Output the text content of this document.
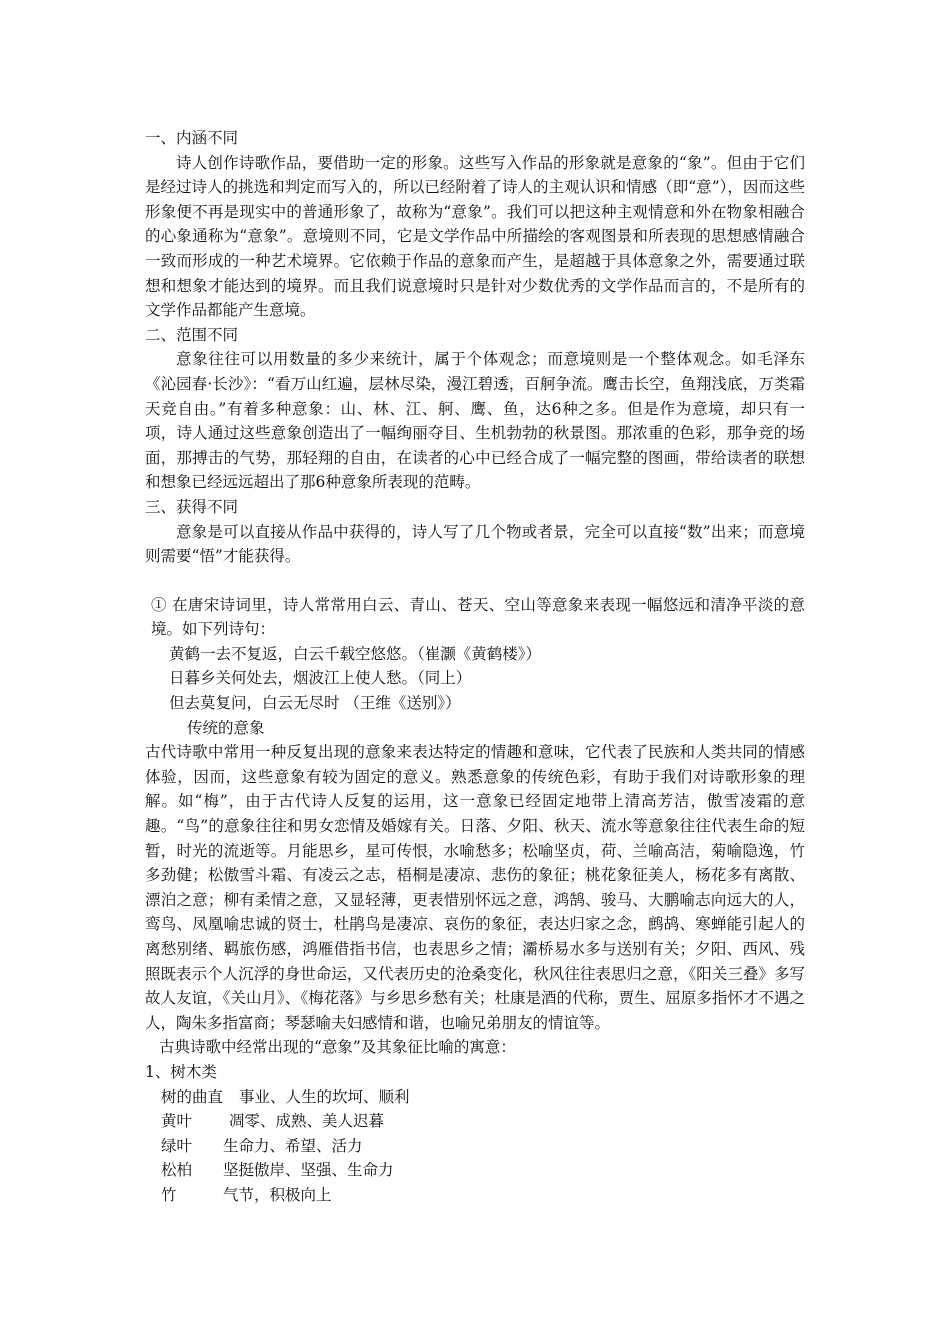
一、内涵不同

诗人创作诗歌作品，要借助一定的形象。这些写入作品的形象就是意象的“象”。但由于它们是经过诗人的挑选和判定而写入的，所以已经附着了诗人的主观认识和情感（即“意”），因而这些形象便不再是现实中的普通形象了，故称为“意象”。我们可以把这种主观情意和外在物象相融合的心象通称为“意象”。意境则不同，它是文学作品中所描绘的客观图景和所表现的思想感情融合一致而形成的一种艺术境界。它依赖于作品的意象而产生，是超越于具体意象之外，需要通过联想和想象才能达到的境界。而且我们说意境时只是针对少数优秀的文学作品而言的，不是所有的文学作品都能产生意境。

二、范围不同

意象往往可以用数量的多少来统计，属于个体观念；而意境则是一个整体观念。如毛泽东《沁园春·长沙》：“看万山红遍，层林尽染，漫江碧透，百舸争流。鹰击长空，鱼翔浅底，万类霜天竞自由。”有着多种意象：山、林、江、舸、鹰、鱼，达6种之多。但是作为意境，却只有一项，诗人通过这些意象创造出了一幅绚丽夺目、生机勃勃的秋景图。那浓重的色彩，那争竞的场面，那搏击的气势，那轻翔的自由，在读者的心中已经合成了一幅完整的图画，带给读者的联想和想象已经远远超出了那6种意象所表现的范畴。

三、获得不同

意象是可以直接从作品中获得的，诗人写了几个物或者景，完全可以直接“数”出来；而意境则需要“悟”才能获得。

① 在唐宋诗词里，诗人常常用白云、青山、苍天、空山等意象来表现一幅悠远和清净平淡的意境。如下列诗句：

黄鹤一去不复返，白云千载空悠悠。（崔灏《黄鹤楼》）

日暮乡关何处去，烟波江上使人愁。（同上）

但去莫复问，白云无尽时 （王维《送别》）

传统的意象

古代诗歌中常用一种反复出现的意象来表达特定的情趣和意味，它代表了民族和人类共同的情感体验，因而，这些意象有较为固定的意义。熟悉意象的传统色彩，有助于我们对诗歌形象的理解。如“梅”，由于古代诗人反复的运用，这一意象已经固定地带上清高芳洁，傲雪凌霜的意趣。“鸟”的意象往往和男女恋情及婚嫁有关。日落、夕阳、秋天、流水等意象往往代表生命的短暂，时光的流逝等。月能思乡，星可传恨，水喻愁多；松喻坚贞，荷、兰喻高洁，菊喻隐逸，竹多劲健；松傲雪斗霜、有凌云之志，梧桐是凄凉、悲伤的象征；桃花象征美人，杨花多有离散、漂泊之意；柳有柔情之意，又显轻薄，更表惜别怀远之意，鸿鹄、骏马、大鹏喻志向远大的人，鸾鸟、凤凰喻忠诚的贤士，杜鹃鸟是凄凉、哀伤的象征，表达归家之念，鹧鸪、寒蝉能引起人的离愁别绪、羁旅伤感，鸿雁借指书信，也表思乡之情；灞桥易水多与送别有关；夕阳、西风、残照既表示个人沉浮的身世命运，又代表历史的沧桑变化，秋风往往表思归之意，《阳关三叠》多写故人友谊，《关山月》、《梅花落》与乡思乡愁有关；杜康是酒的代称，贾生、屈原多指怀才不遇之人，陶朱多指富商；琴瑟喻夫妇感情和谐，也喻兄弟朋友的情谊等。

古典诗歌中经常出现的“意象”及其象征比喻的寓意：

1、树木类

树的曲直 事业、人生的坎坷、顺利

黄叶 凋零、成熟、美人迟暮

绿叶 生命力、希望、活力

松柏 坚挺傲岸、坚强、生命力

竹	气节，积极向上
